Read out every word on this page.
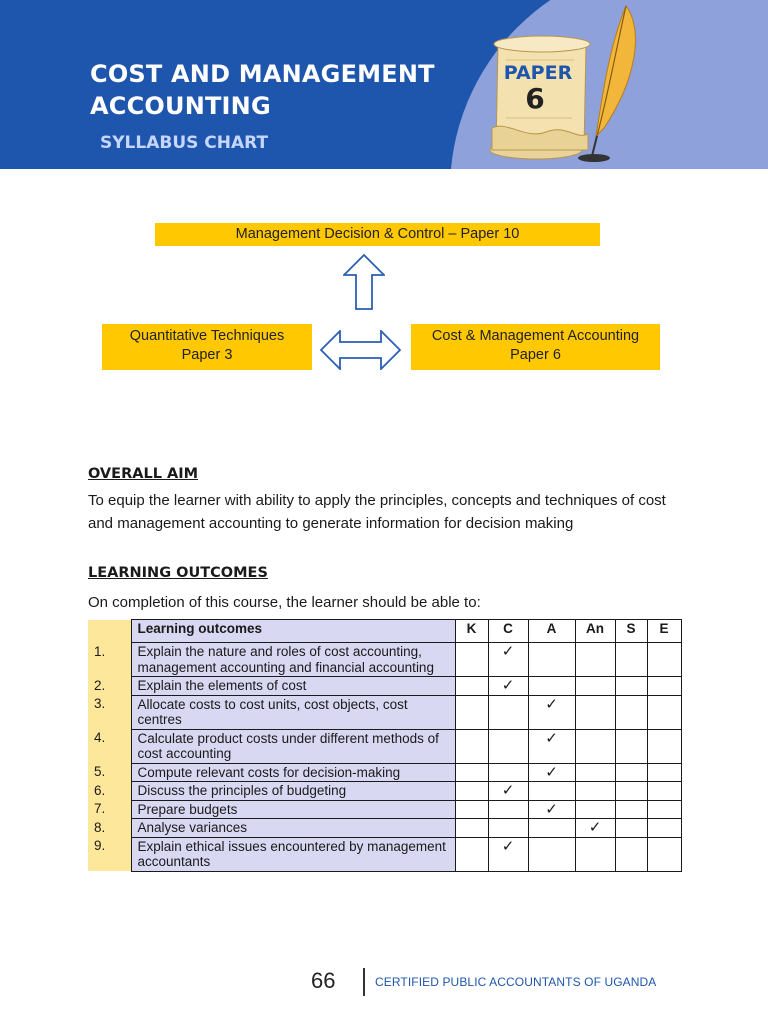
COST AND MANAGEMENT
ACCOUNTING
SYLLABUS CHART
PAPER
6
Management Decision & Control – Paper 10
Quantitative Techniques
Paper 3
Cost & Management Accounting
Paper 6
OVERALL AIM

To equip the learner with ability to apply the principles, concepts and techniques of cost and management accounting to generate information for decision making

LEARNING OUTCOMES

On completion of this course, the learner should be able to:

	Learning outcomes	K	C	A	An	S	E
1.	Explain the nature and roles of cost accounting, management accounting and financial accounting		✓				
2.	Explain the elements of cost		✓				
3.	Allocate costs to cost units, cost objects, cost centres			✓			
4.	Calculate product costs under different methods of cost accounting			✓			
5.	Compute relevant costs for decision-making			✓			
6.	Discuss the principles of budgeting		✓				
7.	Prepare budgets			✓			
8.	Analyse variances				✓		
9.	Explain ethical issues encountered by management accountants		✓				
66	CERTIFIED PUBLIC ACCOUNTANTS OF UGANDA
